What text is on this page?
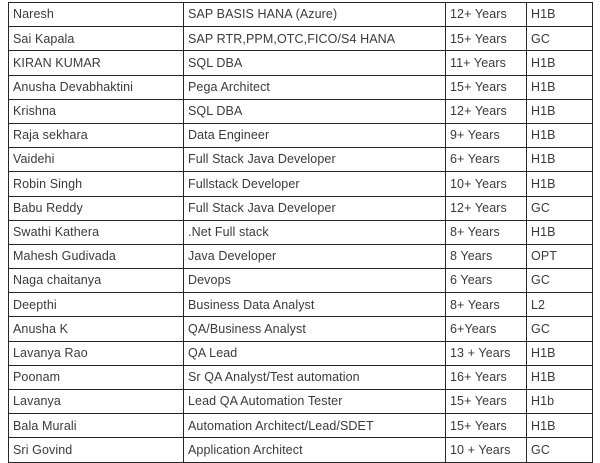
Naresh	SAP BASIS HANA (Azure)	12+ Years	H1B
Sai Kapala	SAP RTR,PPM,OTC,FICO/S4 HANA	15+ Years	GC
KIRAN KUMAR	SQL DBA	11+ Years	H1B
Anusha Devabhaktini	Pega Architect	15+ Years	H1B
Krishna	SQL DBA	12+ Years	H1B
Raja sekhara	Data Engineer	9+ Years	H1B
Vaidehi	Full Stack Java Developer	6+ Years	H1B
Robin Singh	Fullstack Developer	10+ Years	H1B
Babu Reddy	Full Stack Java Developer	12+ Years	GC
Swathi Kathera	.Net Full stack	8+ Years	H1B
Mahesh Gudivada	Java Developer	8 Years	OPT
Naga chaitanya	Devops	6 Years	GC
Deepthi	Business Data Analyst	8+ Years	L2
Anusha K	QA/Business Analyst	6+Years	GC
Lavanya Rao	QA Lead	13 + Years	H1B
Poonam	Sr QA Analyst/Test automation	16+ Years	H1B
Lavanya	Lead QA Automation Tester	15+ Years	H1b
Bala Murali	Automation Architect/Lead/SDET	15+ Years	H1B
Sri Govind	Application Architect	10 + Years	GC
